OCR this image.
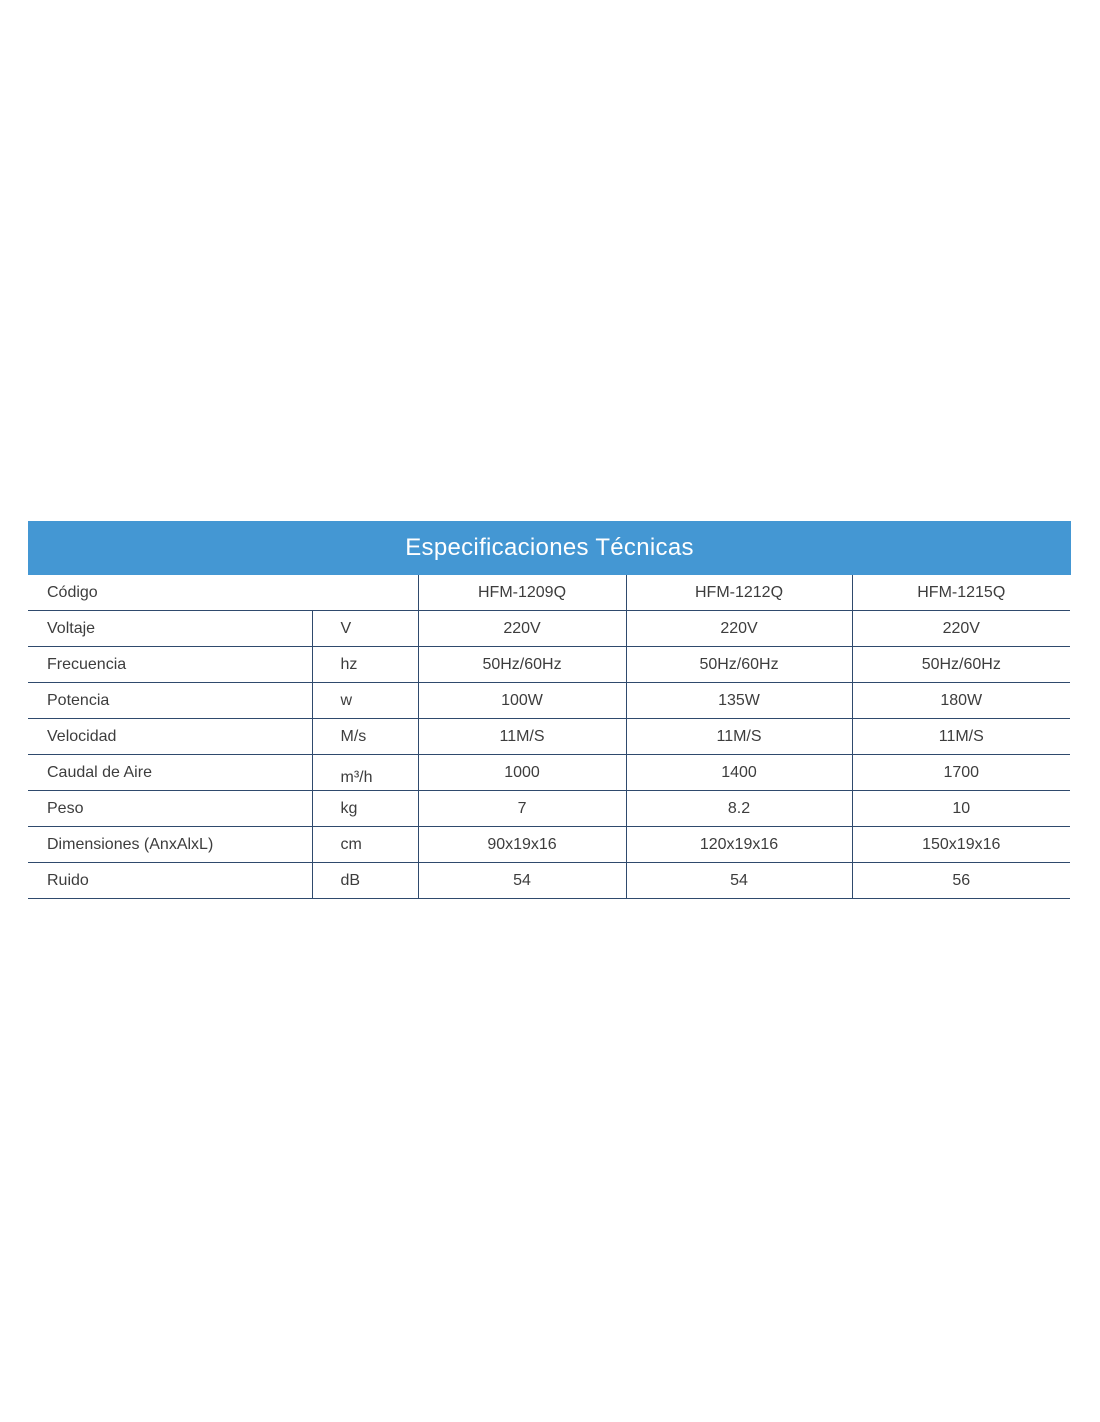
Especificaciones Técnicas
Código		HFM-1209Q	HFM-1212Q	HFM-1215Q
Voltaje	V	220V	220V	220V
Frecuencia	hz	50Hz/60Hz	50Hz/60Hz	50Hz/60Hz
Potencia	w	100W	135W	180W
Velocidad	M/s	11M/S	11M/S	11M/S
Caudal de Aire	m³/h	1000	1400	1700
Peso	kg	7	8.2	10
Dimensiones (AnxAlxL)	cm	90x19x16	120x19x16	150x19x16
Ruido	dB	54	54	56
